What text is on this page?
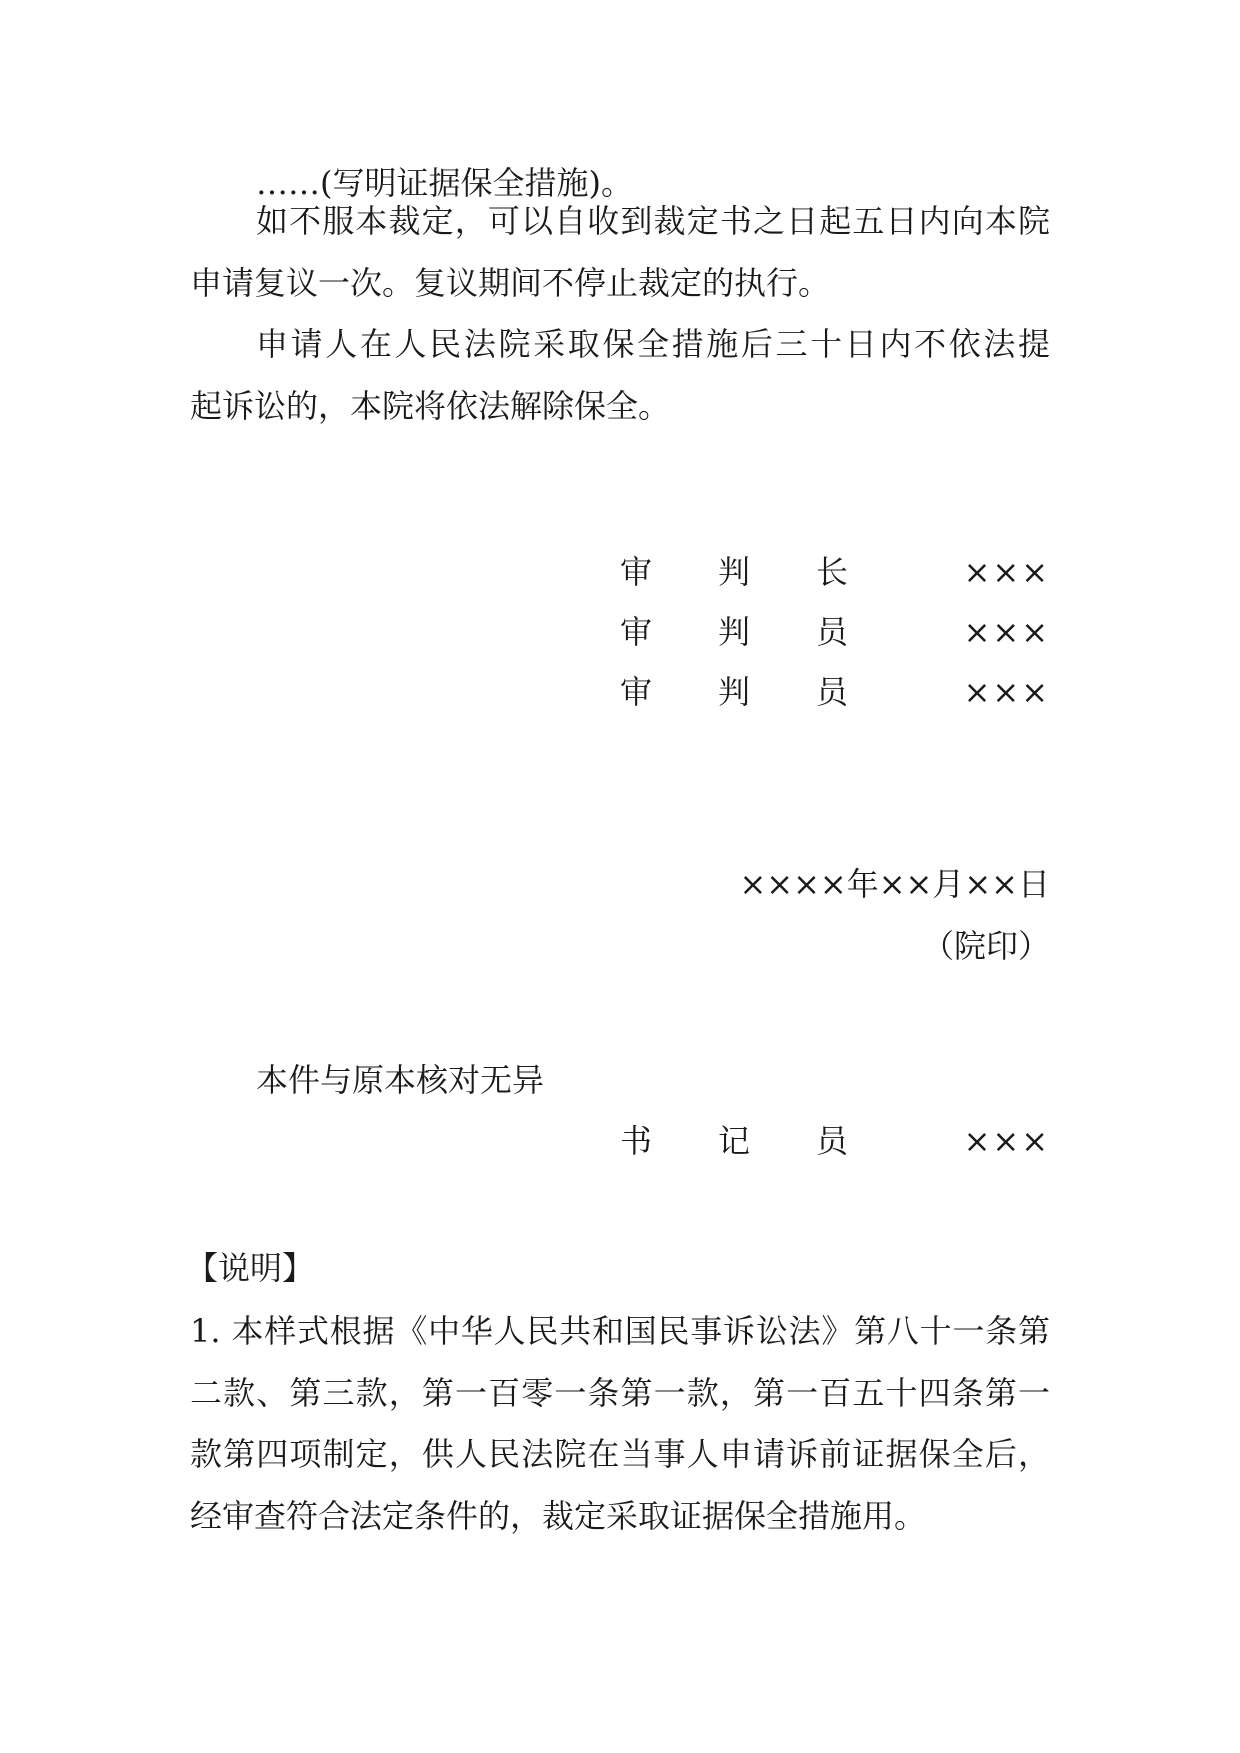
……(写明证据保全措施)。
如不服本裁定，可以自收到裁定书之日起五日内向本院
申请复议一次。复议期间不停止裁定的执行。
申请人在人民法院采取保全措施后三十日内不依法提
起诉讼的，本院将依法解除保全。
审 判 长	×××
审 判 员	×××
审 判 员	×××
××××年××月××日
（院印）
本件与原本核对无异
书 记 员	×××
【说明】
1. 本样式根据《中华人民共和国民事诉讼法》第八十一条第
二款、第三款，第一百零一条第一款，第一百五十四条第一
款第四项制定，供人民法院在当事人申请诉前证据保全后，
经审查符合法定条件的，裁定采取证据保全措施用。
